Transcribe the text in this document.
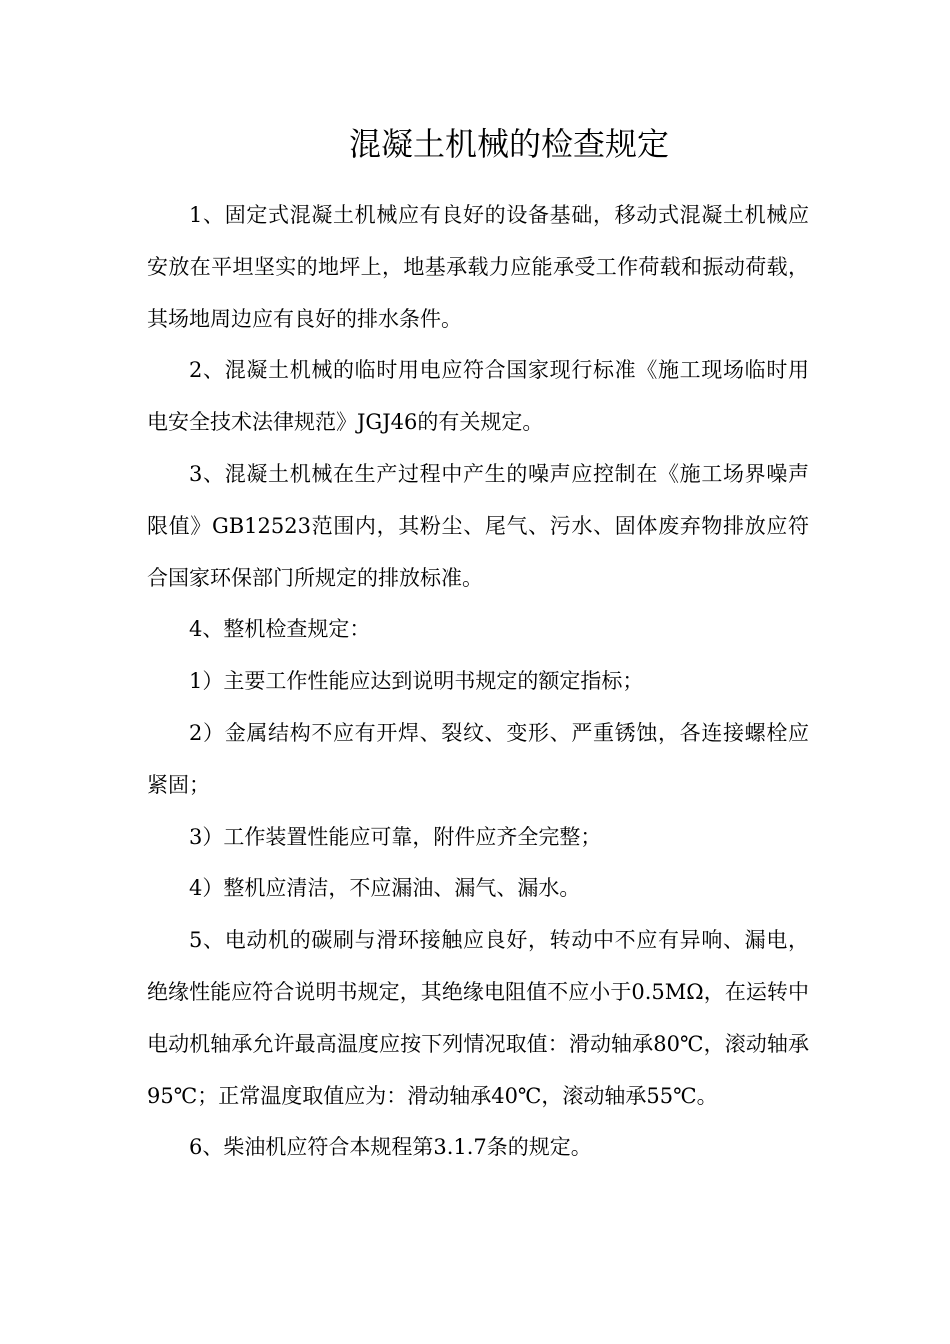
混凝土机械的检查规定

1、固定式混凝土机械应有良好的设备基础，移动式混凝土机械应安放在平坦坚实的地坪上，地基承载力应能承受工作荷载和振动荷载，其场地周边应有良好的排水条件。

2、混凝土机械的临时用电应符合国家现行标准《施工现场临时用电安全技术法律规范》JGJ46的有关规定。

3、混凝土机械在生产过程中产生的噪声应控制在《施工场界噪声限值》GB12523范围内，其粉尘、尾气、污水、固体废弃物排放应符合国家环保部门所规定的排放标准。

4、整机检查规定：

1）主要工作性能应达到说明书规定的额定指标；

2）金属结构不应有开焊、裂纹、变形、严重锈蚀，各连接螺栓应紧固；

3）工作装置性能应可靠，附件应齐全完整；

4）整机应清洁，不应漏油、漏气、漏水。

5、电动机的碳刷与滑环接触应良好，转动中不应有异响、漏电，绝缘性能应符合说明书规定，其绝缘电阻值不应小于0.5MΩ，在运转中电动机轴承允许最高温度应按下列情况取值：滑动轴承80℃，滚动轴承95℃；正常温度取值应为：滑动轴承40℃，滚动轴承55℃。

6、柴油机应符合本规程第3.1.7条的规定。
